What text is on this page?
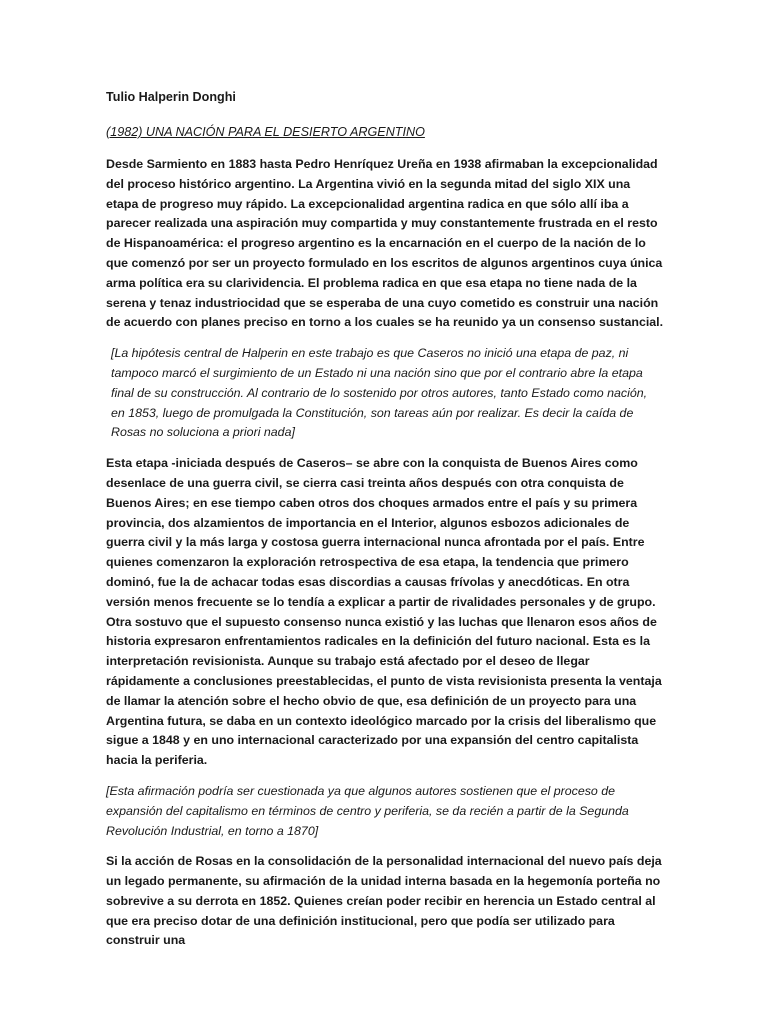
Tulio Halperin Donghi

(1982) UNA NACIÓN PARA EL DESIERTO ARGENTINO

Desde Sarmiento en 1883 hasta Pedro Henríquez Ureña en 1938 afirmaban la excepcionalidad del proceso histórico argentino. La Argentina vivió en la segunda mitad del siglo XIX una etapa de progreso muy rápido. La excepcionalidad argentina radica en que sólo allí iba a parecer realizada una aspiración muy compartida y muy constantemente frustrada en el resto de Hispanoamérica: el progreso argentino es la encarnación en el cuerpo de la nación de lo que comenzó por ser un proyecto formulado en los escritos de algunos argentinos cuya única arma política era su clarividencia. El problema radica en que esa etapa no tiene nada de la serena y tenaz industriocidad que se esperaba de una cuyo cometido es construir una nación de acuerdo con planes preciso en torno a los cuales se ha reunido ya un consenso sustancial.

[La hipótesis central de Halperin en este trabajo es que Caseros no inició una etapa de paz, ni tampoco marcó el surgimiento de un Estado ni una nación sino que por el contrario abre la etapa final de su construcción. Al contrario de lo sostenido por otros autores, tanto Estado como nación, en 1853, luego de promulgada la Constitución, son tareas aún por realizar. Es decir la caída de Rosas no soluciona a priori nada]

Esta etapa -iniciada después de Caseros– se abre con la conquista de Buenos Aires como desenlace de una guerra civil, se cierra casi treinta años después con otra conquista de Buenos Aires; en ese tiempo caben otros dos choques armados entre el país y su primera provincia, dos alzamientos de importancia en el Interior, algunos esbozos adicionales de guerra civil y la más larga y costosa guerra internacional nunca afrontada por el país. Entre quienes comenzaron la exploración retrospectiva de esa etapa, la tendencia que primero dominó, fue la de achacar todas esas discordias a causas frívolas y anecdóticas. En otra versión menos frecuente se lo tendía a explicar a partir de rivalidades personales y de grupo. Otra sostuvo que el supuesto consenso nunca existió y las luchas que llenaron esos años de historia expresaron enfrentamientos radicales en la definición del futuro nacional. Esta es la interpretación revisionista. Aunque su trabajo está afectado por el deseo de llegar rápidamente a conclusiones preestablecidas, el punto de vista revisionista presenta la ventaja de llamar la atención sobre el hecho obvio de que, esa definición de un proyecto para una Argentina futura, se daba en un contexto ideológico marcado por la crisis del liberalismo que sigue a 1848 y en uno internacional caracterizado por una expansión del centro capitalista hacia la periferia.

[Esta afirmación podría ser cuestionada ya que algunos autores sostienen que el proceso de expansión del capitalismo en términos de centro y periferia, se da recién a partir de la Segunda Revolución Industrial, en torno a 1870]

Si la acción de Rosas en la consolidación de la personalidad internacional del nuevo país deja un legado permanente, su afirmación de la unidad interna basada en la hegemonía porteña no sobrevive a su derrota en 1852. Quienes creían poder recibir en herencia un Estado central al que era preciso dotar de una definición institucional, pero que podía ser utilizado para construir una
